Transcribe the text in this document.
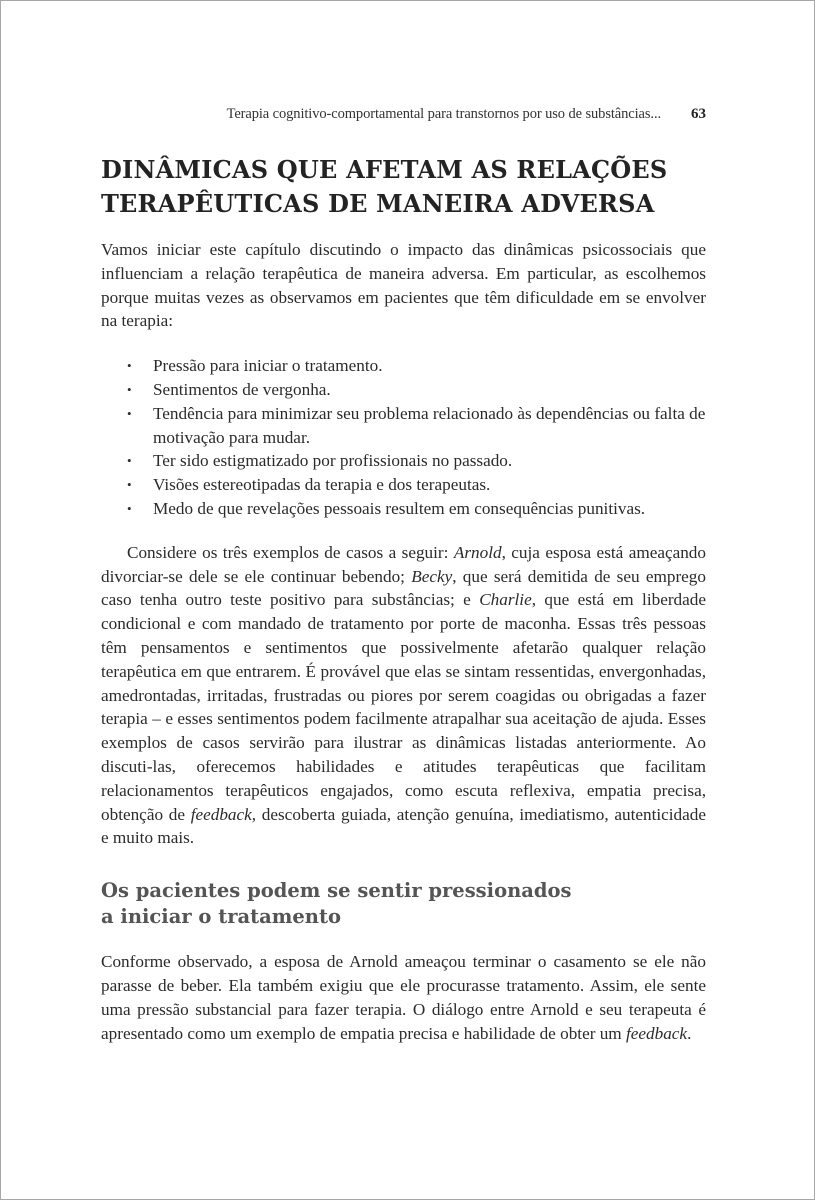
Terapia cognitivo-comportamental para transtornos por uso de substâncias... 63
DINÂMICAS QUE AFETAM AS RELAÇÕES
TERAPÊUTICAS DE MANEIRA ADVERSA

Vamos iniciar este capítulo discutindo o impacto das dinâmicas psicossociais que influenciam a relação terapêutica de maneira adversa. Em particular, as escolhemos porque muitas vezes as observamos em pacientes que têm dificuldade em se envolver na terapia:

• Pressão para iniciar o tratamento.
• Sentimentos de vergonha.
• Tendência para minimizar seu problema relacionado às dependências ou falta de motivação para mudar.
• Ter sido estigmatizado por profissionais no passado.
• Visões estereotipadas da terapia e dos terapeutas.
• Medo de que revelações pessoais resultem em consequências punitivas.

Considere os três exemplos de casos a seguir: Arnold, cuja esposa está ameaçando divorciar-se dele se ele continuar bebendo; Becky, que será demitida de seu emprego caso tenha outro teste positivo para substâncias; e Charlie, que está em liberdade condicional e com mandado de tratamento por porte de maconha. Essas três pessoas têm pensamentos e sentimentos que possivelmente afetarão qualquer relação terapêutica em que entrarem. É provável que elas se sintam ressentidas, envergonhadas, amedrontadas, irritadas, frustradas ou piores por serem coagidas ou obrigadas a fazer terapia – e esses sentimentos podem facilmente atrapalhar sua aceitação de ajuda. Esses exemplos de casos servirão para ilustrar as dinâmicas listadas anteriormente. Ao discuti-las, oferecemos habilidades e atitudes terapêuticas que facilitam relacionamentos terapêuticos engajados, como escuta reflexiva, empatia precisa, obtenção de feedback, descoberta guiada, atenção genuína, imediatismo, autenticidade e muito mais.

Os pacientes podem se sentir pressionados
a iniciar o tratamento

Conforme observado, a esposa de Arnold ameaçou terminar o casamento se ele não parasse de beber. Ela também exigiu que ele procurasse tratamento. Assim, ele sente uma pressão substancial para fazer terapia. O diálogo entre Arnold e seu terapeuta é apresentado como um exemplo de empatia precisa e habilidade de obter um feedback.
